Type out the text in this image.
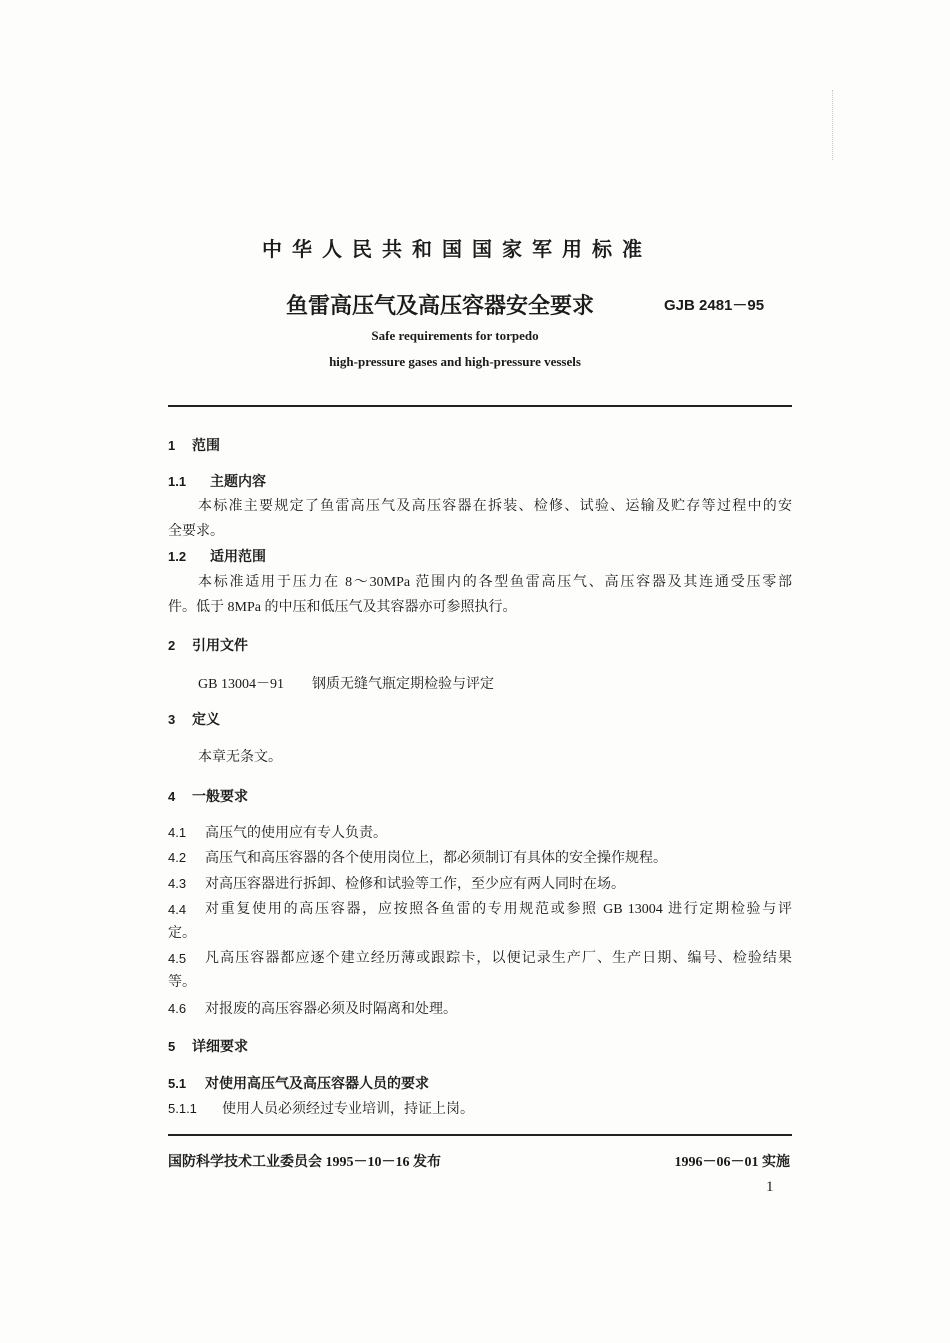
中华人民共和国国家军用标准
鱼雷高压气及高压容器安全要求	GJB 2481－95
Safe requirements for torpedo
high-pressure gases and high-pressure vessels
1 范围
1.1 主题内容
本标准主要规定了鱼雷高压气及高压容器在拆装、检修、试验、运输及贮存等过程中的安
全要求。
1.2 适用范围
本标准适用于压力在 8～30MPa 范围内的各型鱼雷高压气、高压容器及其连通受压零部
件。低于 8MPa 的中压和低压气及其容器亦可参照执行。
2 引用文件
GB 13004－91 钢质无缝气瓶定期检验与评定
3 定义
本章无条文。
4 一般要求
4.1 高压气的使用应有专人负责。
4.2 高压气和高压容器的各个使用岗位上，都必须制订有具体的安全操作规程。
4.3 对高压容器进行拆卸、检修和试验等工作，至少应有两人同时在场。
4.4	对重复使用的高压容器，应按照各鱼雷的专用规范或参照 GB 13004 进行定期检验与评
定。
4.5	凡高压容器都应逐个建立经历薄或跟踪卡，以便记录生产厂、生产日期、编号、检验结果
等。
4.6 对报废的高压容器必须及时隔离和处理。
5 详细要求
5.1 对使用高压气及高压容器人员的要求
5.1.1 使用人员必须经过专业培训，持证上岗。
国防科学技术工业委员会 1995－10－16 发布	1996－06－01 实施
1
